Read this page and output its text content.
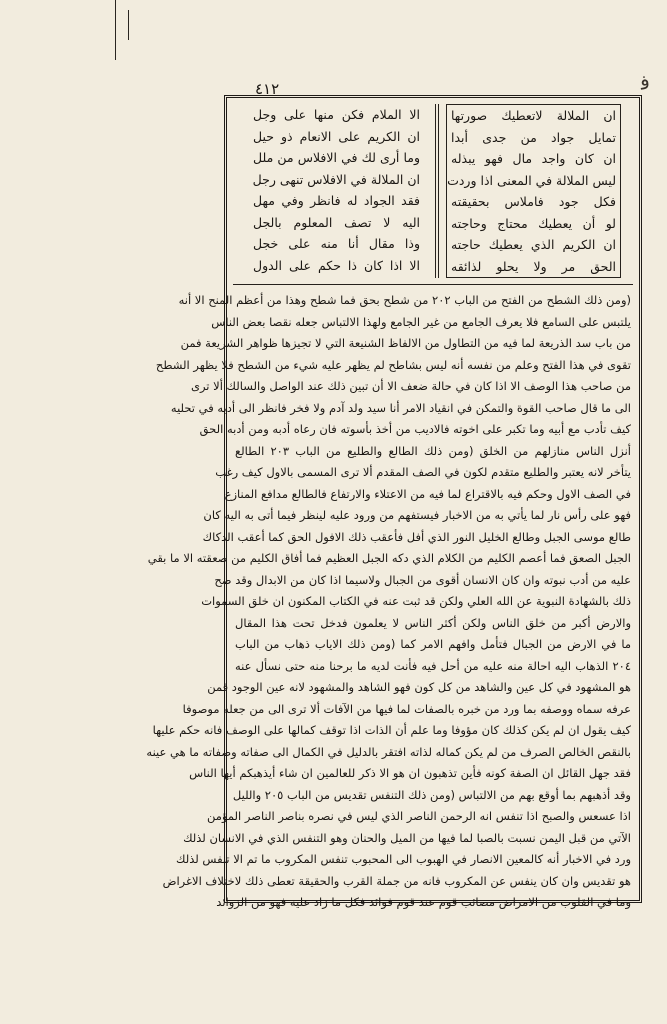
٤١٢	ﻓ
ان الملالة لاتعطيك صورتها
تمايل جواد من جدى أبدا
ان كان واجد مال فهو يبذله
ليس الملالة في المعنى اذا وردت
فكل جود فاملاس بحقيقته
لو أن يعطيك محتاج وحاجته
ان الكريم الذي يعطيك حاجته
الحق مر ولا يحلو لذائقه
الا الملام فكن منها على وجل
ان الكريم على الانعام ذو حيل
وما أرى لك في الافلاس من ملل
ان الملالة في الافلاس تنهى رجل
فقد الجواد له فانظر وفي مهل
اليه لا تصف المعلوم بالجل
وذا مقال أنا منه على خجل
الا اذا كان ذا حكم على الدول
(ومن ذلك الشطح من الفتح من الباب ٢٠٢ من شطح بحق فما شطح وهذا من أعظم المنح الا أنه
يلتبس على السامع فلا يعرف الجامع من غير الجامع ولهذا الالتباس جعله نقصا بعض الناس
من باب سد الذريعة لما فيه من التطاول من الالفاظ الشنيعة التي لا تجيزها ظواهر الشريعة فمن
تقوى في هذا الفتح وعلم من نفسه أنه ليس بشاطح لم يظهر عليه شيء من الشطح فلا يظهر الشطح
من صاحب هذا الوصف الا اذا كان في حالة ضعف الا أن تبين ذلك عند الواصل والسالك ألا ترى
الى ما قال صاحب القوة والتمكن في انقياد الامر أنا سيد ولد آدم ولا فخر فانظر الى أدبه في تحليه
كيف تأدب مع أبيه وما تكبر على اخوته فالاديب من أخذ بأسوته فان رعاه أدبه ومن أدبه الحق
أنزل الناس منازلهم من الخلق (ومن ذلك الطالع والطليع من الباب ٢٠٣ الطالع
يتأخر لانه يعتبر والطليع متقدم لكون في الصف المقدم ألا ترى المسمى بالاول كيف رغب
في الصف الاول وحكم فيه بالاقتراع لما فيه من الاعتلاء والارتفاع فالطالع مدافع المنازع
فهو على رأس نار لما يأتي به من الاخبار فيستفهم من ورود عليه لينظر فيما أتى به اليه كان
طالع موسى الجبل وطالع الخليل النور الذي أفل فأعقب ذلك الافول الحق كما أعقب الدكاك
الجبل الصعق فما أعصم الكليم من الكلام الذي دكه الجبل العظيم فما أفاق الكليم من صعقته الا ما بقي
عليه من أدب نبوته وان كان الانسان أقوى من الجبال ولاسيما اذا كان من الابدال وقد صح
ذلك بالشهادة النبوية عن الله العلي ولكن قد ثبت عنه في الكتاب المكنون ان خلق السموات
والارض أكبر من خلق الناس ولكن أكثر الناس لا يعلمون فدخل تحت هذا المقال
ما في الارض من الجبال فتأمل وافهم الامر كما (ومن ذلك الاياب ذهاب من الباب
٢٠٤ الذهاب اليه احالة منه عليه من أحل فيه فأنت لديه ما برحنا منه حتى نسأل عنه
هو المشهود في كل عين والشاهد من كل كون فهو الشاهد والمشهود لانه عين الوجود فمن
عرفه سماه ووصفه بما ورد من خبره بالصفات لما فيها من الآفات ألا ترى الى من جعله موصوفا
كيف يقول ان لم يكن كذلك كان مؤوفا وما علم أن الذات اذا توقف كمالها على الوصف فانه حكم عليها
بالنقص الخالص الصرف من لم يكن كماله لذاته افتقر بالدليل في الكمال الى صفاته وصفاته ما هي عينه
فقد جهل القائل ان الصفة كونه فأين تذهبون ان هو الا ذكر للعالمين ان شاء أيذهبكم أيها الناس
وقد أذهبهم بما أوقع بهم من الالتباس (ومن ذلك التنفس تقديس من الباب ٢٠٥ والليل
اذا عسعس والصبح اذا تنفس انه الرحمن الناصر الذي ليس في نصره بناصر الناصر المؤمن
الآتي من قبل اليمن نسبت بالصبا لما فيها من الميل والحنان وهو التنفس الذي في الانسان لذلك
ورد في الاخبار أنه كالمعين الانصار في الهبوب الى المحبوب تنفس المكروب ما تم الا تنفس لذلك
هو تقديس وان كان ينفس عن المكروب فانه من جملة القرب والحقيقة تعطى ذلك لاختلاف الاغراض
وما في القلوب من الامراض مصائب قوم عند قوم فوائد فكل ما زاد عليه فهو من الزوائد
